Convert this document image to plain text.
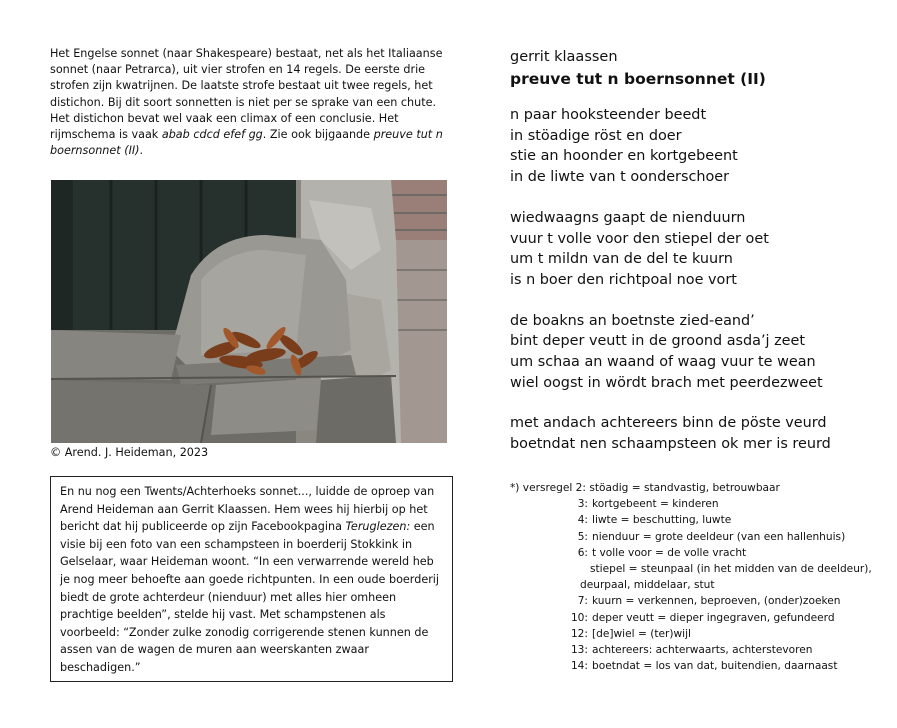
Het Engelse sonnet (naar Shakespeare) bestaat, net als het Italiaanse sonnet (naar Petrarca), uit vier strofen en 14 regels. De eerste drie strofen zijn kwatrijnen. De laatste strofe bestaat uit twee regels, het distichon. Bij dit soort sonnetten is niet per se sprake van een chute. Het distichon bevat wel vaak een climax of een conclusie. Het rijmschema is vaak abab cdcd efef gg. Zie ook bijgaande preuve tut n boernsonnet (II).
© Arend. J. Heideman, 2023
En nu nog een Twents/Achterhoeks sonnet..., luidde de oproep van Arend Heideman aan Gerrit Klaassen. Hem wees hij hierbij op het bericht dat hij publiceerde op zijn Facebookpagina Teruglezen: een visie bij een foto van een schampsteen in boerderij Stokkink in Gelselaar, waar Heideman woont. “In een verwarrende wereld heb je nog meer behoefte aan goede richtpunten. In een oude boerderij biedt de grote achterdeur (nienduur) met alles hier omheen prachtige beelden”, stelde hij vast. Met schampstenen als voorbeeld: “Zonder zulke zonodig corrigerende stenen kunnen de assen van de wagen de muren aan weerskanten zwaar beschadigen.”
gerrit klaassen
preuve tut n boernsonnet (II)
n paar hooksteender beedt
in stöadige röst en doer
stie an hoonder en kortgebeent
in de liwte van t oonderschoer
wiedwaagns gaapt de nienduurn
vuur t volle voor den stiepel der oet
um t mildn van de del te kuurn
is n boer den richtpoal noe vort
de boakns an boetnste zied-eand’
bint deper veutt in de groond asda’j zeet
um schaa an waand of waag vuur te wean
wiel oogst in wördt brach met peerdezweet
met andach achtereers binn de pöste veurd
boetndat nen schaampsteen ok mer is reurd
*) versregel 2: stöadig = standvastig, betrouwbaar
3: kortgebeent = kinderen
4: liwte = beschutting, luwte
5: nienduur = grote deeldeur (van een hallenhuis)
6: t volle voor = de volle vracht
stiepel = steunpaal (in het midden van de deeldeur),
deurpaal, middelaar, stut
7: kuurn = verkennen, beproeven, (onder)zoeken
10: deper veutt = dieper ingegraven, gefundeerd
12: [de]wiel = (ter)wijl
13: achtereers: achterwaarts, achterstevoren
14: boetndat = los van dat, buitendien, daarnaast
